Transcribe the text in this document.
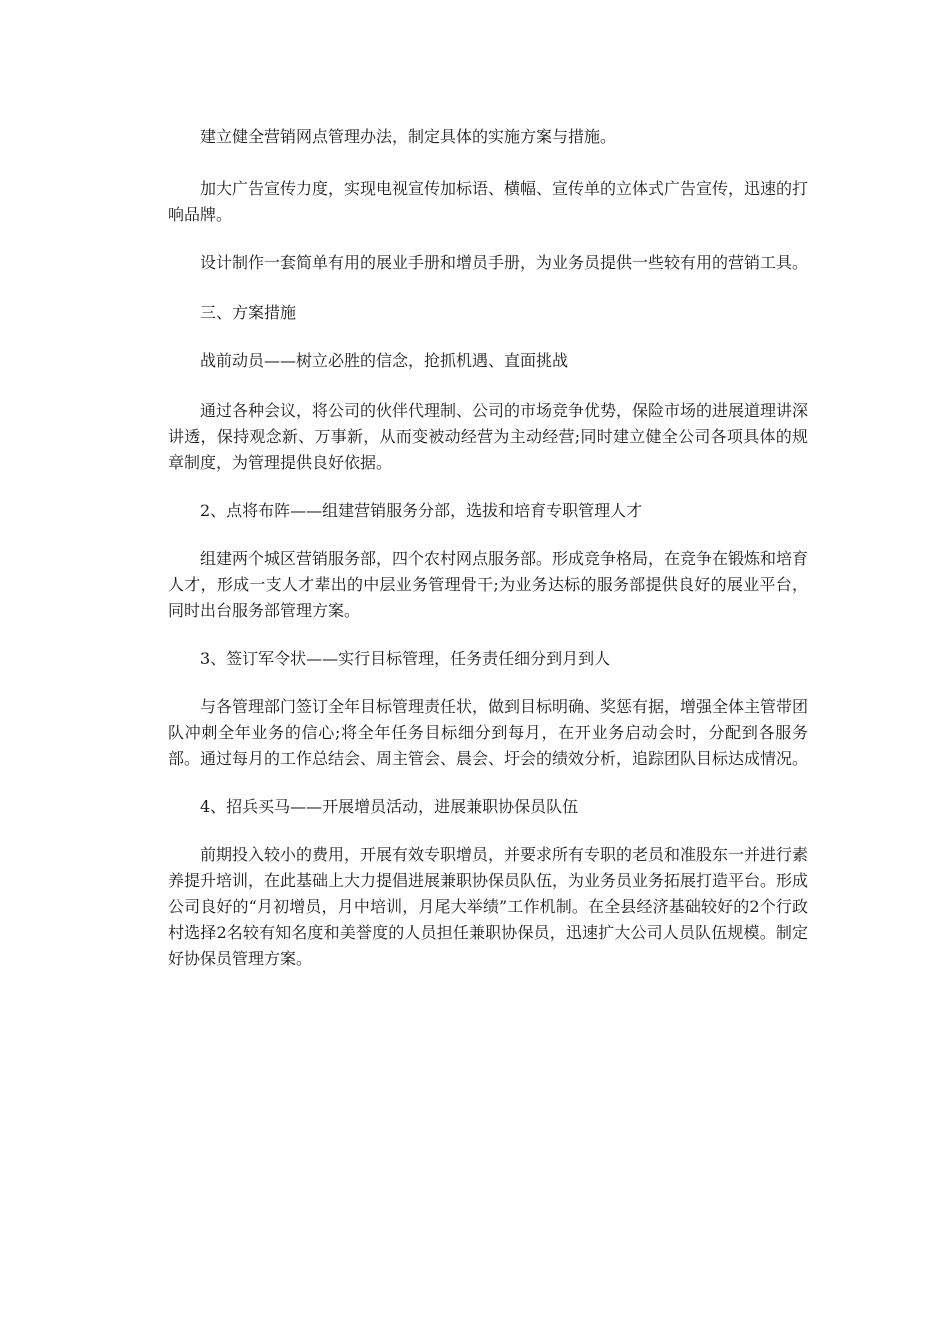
建立健全营销网点管理办法，制定具体的实施方案与措施。

加大广告宣传力度，实现电视宣传加标语、横幅、宣传单的立体式广告宣传，迅速的打响品牌。

设计制作一套简单有用的展业手册和增员手册，为业务员提供一些较有用的营销工具。

三、方案措施

战前动员——树立必胜的信念，抢抓机遇、直面挑战

通过各种会议，将公司的伙伴代理制、公司的市场竞争优势，保险市场的进展道理讲深讲透，保持观念新、万事新，从而变被动经营为主动经营;同时建立健全公司各项具体的规章制度，为管理提供良好依据。

2、点将布阵——组建营销服务分部，选拔和培育专职管理人才

组建两个城区营销服务部，四个农村网点服务部。形成竞争格局，在竞争在锻炼和培育人才，形成一支人才辈出的中层业务管理骨干;为业务达标的服务部提供良好的展业平台，同时出台服务部管理方案。

3、签订军令状——实行目标管理，任务责任细分到月到人

与各管理部门签订全年目标管理责任状，做到目标明确、奖惩有据，增强全体主管带团队冲刺全年业务的信心;将全年任务目标细分到每月，在开业务启动会时，分配到各服务部。通过每月的工作总结会、周主管会、晨会、圩会的绩效分析，追踪团队目标达成情况。

4、招兵买马——开展增员活动，进展兼职协保员队伍

前期投入较小的费用，开展有效专职增员，并要求所有专职的老员和准股东一并进行素养提升培训，在此基础上大力提倡进展兼职协保员队伍，为业务员业务拓展打造平台。形成公司良好的“月初增员，月中培训，月尾大举绩”工作机制。在全县经济基础较好的2个行政村选择2名较有知名度和美誉度的人员担任兼职协保员，迅速扩大公司人员队伍规模。制定好协保员管理方案。
